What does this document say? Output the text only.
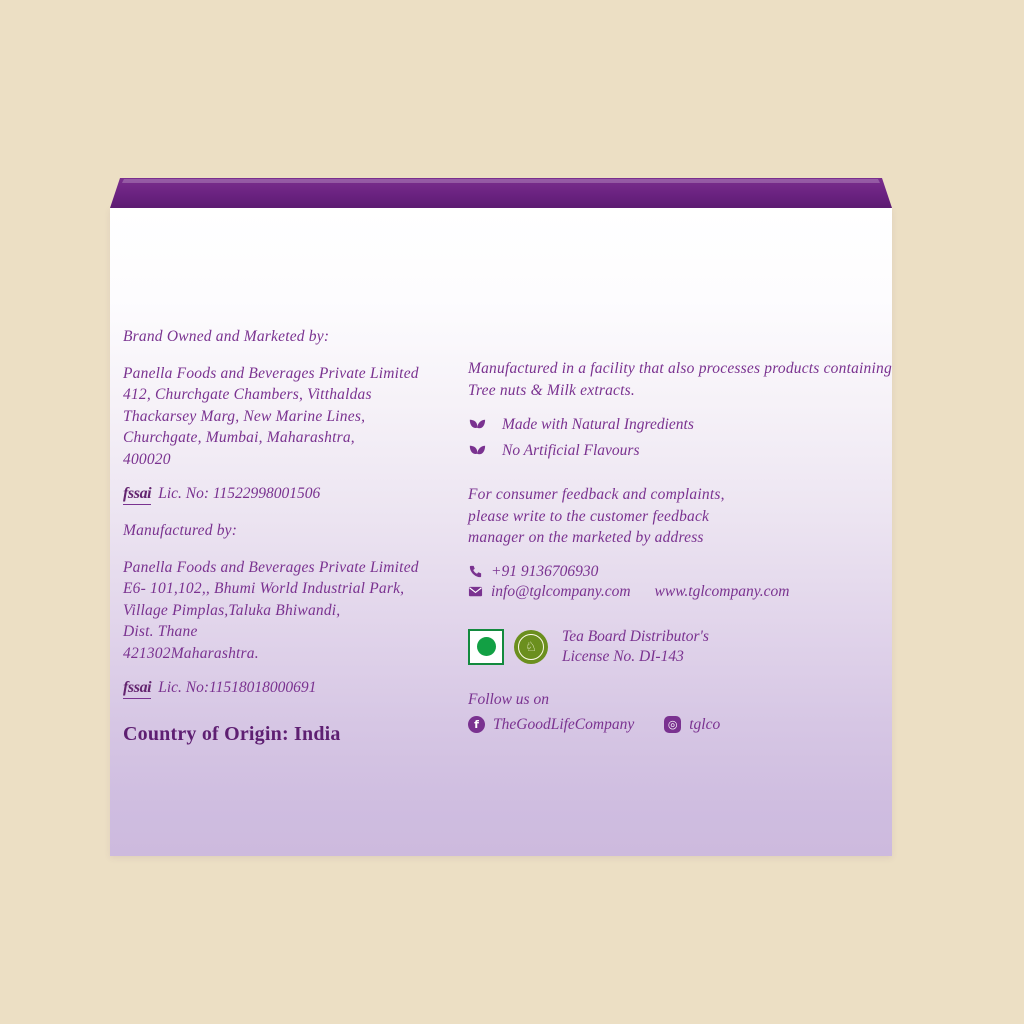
Brand Owned and Marketed by:
Panella Foods and Beverages Private Limited
412, Churchgate Chambers, Vitthaldas
Thackarsey Marg, New Marine Lines,
Churchgate, Mumbai, Maharashtra,
400020
fssai Lic. No: 11522998001506
Manufactured by:
Panella Foods and Beverages Private Limited
E6- 101,102,, Bhumi World Industrial Park,
Village Pimplas,Taluka Bhiwandi,
Dist. Thane
421302Maharashtra.
fssai Lic. No:11518018000691
Country of Origin: India
Manufactured in a facility that also processes products containing
Tree nuts & Milk extracts.
Made with Natural Ingredients
No Artificial Flavours
For consumer feedback and complaints,
please write to the customer feedback
manager on the marketed by address
+91 9136706930
info@tglcompany.com www.tglcompany.com
♘
Tea Board Distributor's
License No. DI-143
Follow us on
f TheGoodLifeCompany	◎ tglco
